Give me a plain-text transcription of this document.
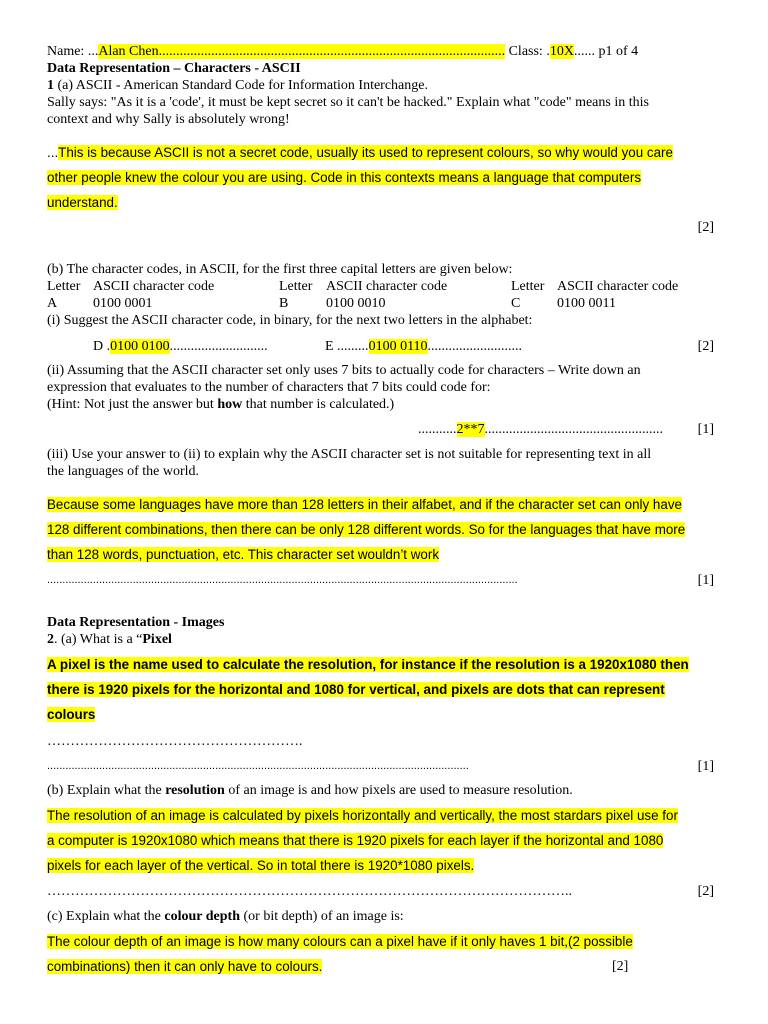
Name: ...Alan Chen................................................................................................... Class: .10X...... p1 of 4
Data Representation – Characters - ASCII
1 (a) ASCII - American Standard Code for Information Interchange.
Sally says: "As it is a 'code', it must be kept secret so it can't be hacked." Explain what "code" means in this
context and why Sally is absolutely wrong!
...This is because ASCII is not a secret code, usually its used to represent colours, so why would you care
other people knew the colour you are using. Code in this contexts means a language that computers
understand.
[2]
(b) The character codes, in ASCII, for the first three capital letters are given below:
Letter ASCII character code	Letter ASCII character code	Letter ASCII character code
A	0100 0001	B	0100 0010	C	0100 0011
(i) Suggest the ASCII character code, in binary, for the next two letters in the alphabet:
D .0100 0100............................	E .........0100 0110...........................	[2]
(ii) Assuming that the ASCII character set only uses 7 bits to actually code for characters – Write down an
expression that evaluates to the number of characters that 7 bits could code for:
(Hint: Not just the answer but how that number is calculated.)
...........2**7................................................... [1]
(iii) Use your answer to (ii) to explain why the ASCII character set is not suitable for representing text in all
the languages of the world.
Because some languages have more than 128 letters in their alfabet, and if the character set can only have
128 different combinations, then there can be only 128 different words. So for the languages that have more
than 128 words, punctuation, etc. This character set wouldn’t work
..........................................................................................................................................................	[1]
Data Representation - Images
2. (a) What is a “Pixel
A pixel is the name used to calculate the resolution, for instance if the resolution is a 1920x1080 then
there is 1920 pixels for the horizontal and 1080 for vertical, and pixels are dots that can represent
colours
……………………………………………….
..........................................................................................................................................	[1]
(b) Explain what the resolution of an image is and how pixels are used to measure resolution.
The resolution of an image is calculated by pixels horizontally and vertically, the most stardars pixel use for
a computer is 1920x1080 which means that there is 1920 pixels for each layer if the horizontal and 1080
pixels for each layer of the vertical. So in total there is 1920*1080 pixels.
…………………………………………………………………………………………………..	[2]
(c) Explain what the colour depth (or bit depth) of an image is:
The colour depth of an image is how many colours can a pixel have if it only haves 1 bit,(2 possible
combinations) then it can only have to colours.	[2]
